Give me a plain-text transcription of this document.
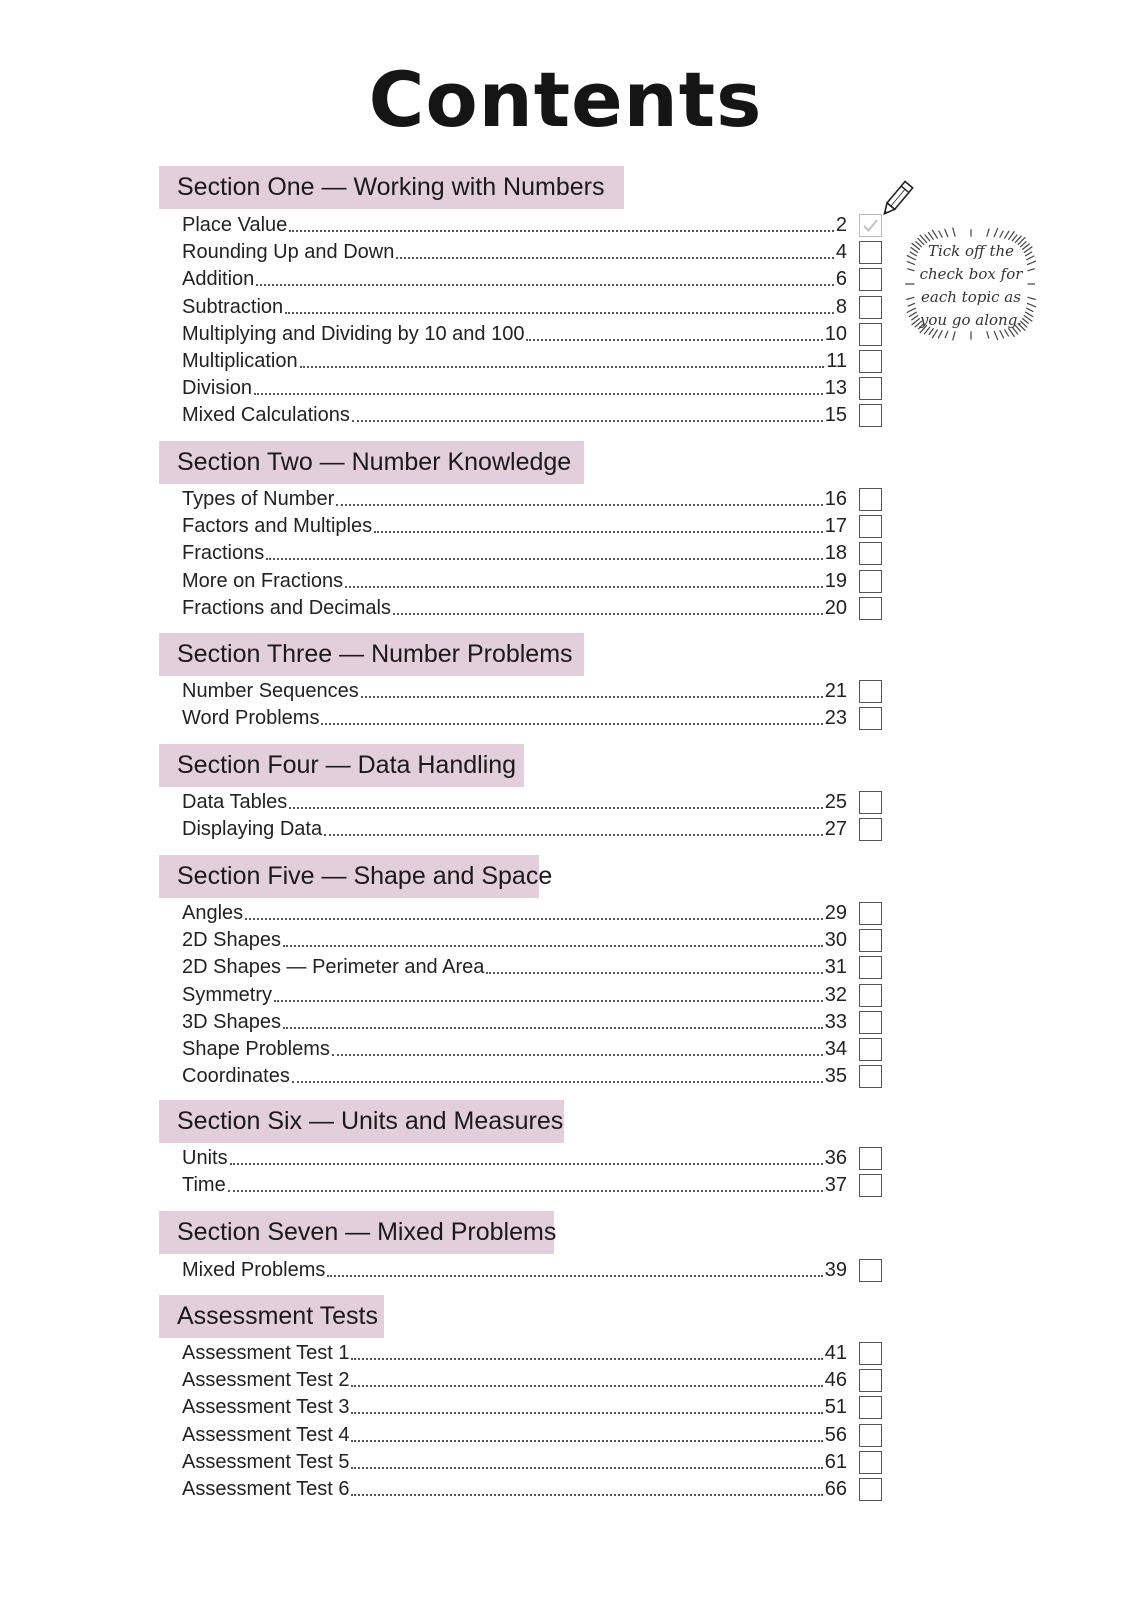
Contents
Tick off the
check box for
each topic as
you go along.
Section One — Working with Numbers
Place Value	2
Rounding Up and Down	4
Addition	6
Subtraction	8
Multiplying and Dividing by 10 and 100	10
Multiplication	11
Division	13
Mixed Calculations	15
Section Two — Number Knowledge
Types of Number	16
Factors and Multiples	17
Fractions	18
More on Fractions	19
Fractions and Decimals	20
Section Three — Number Problems
Number Sequences	21
Word Problems	23
Section Four — Data Handling
Data Tables	25
Displaying Data	27
Section Five — Shape and Space
Angles	29
2D Shapes	30
2D Shapes — Perimeter and Area	31
Symmetry	32
3D Shapes	33
Shape Problems	34
Coordinates	35
Section Six — Units and Measures
Units	36
Time	37
Section Seven — Mixed Problems
Mixed Problems	39
Assessment Tests
Assessment Test 1	41
Assessment Test 2	46
Assessment Test 3	51
Assessment Test 4	56
Assessment Test 5	61
Assessment Test 6	66
